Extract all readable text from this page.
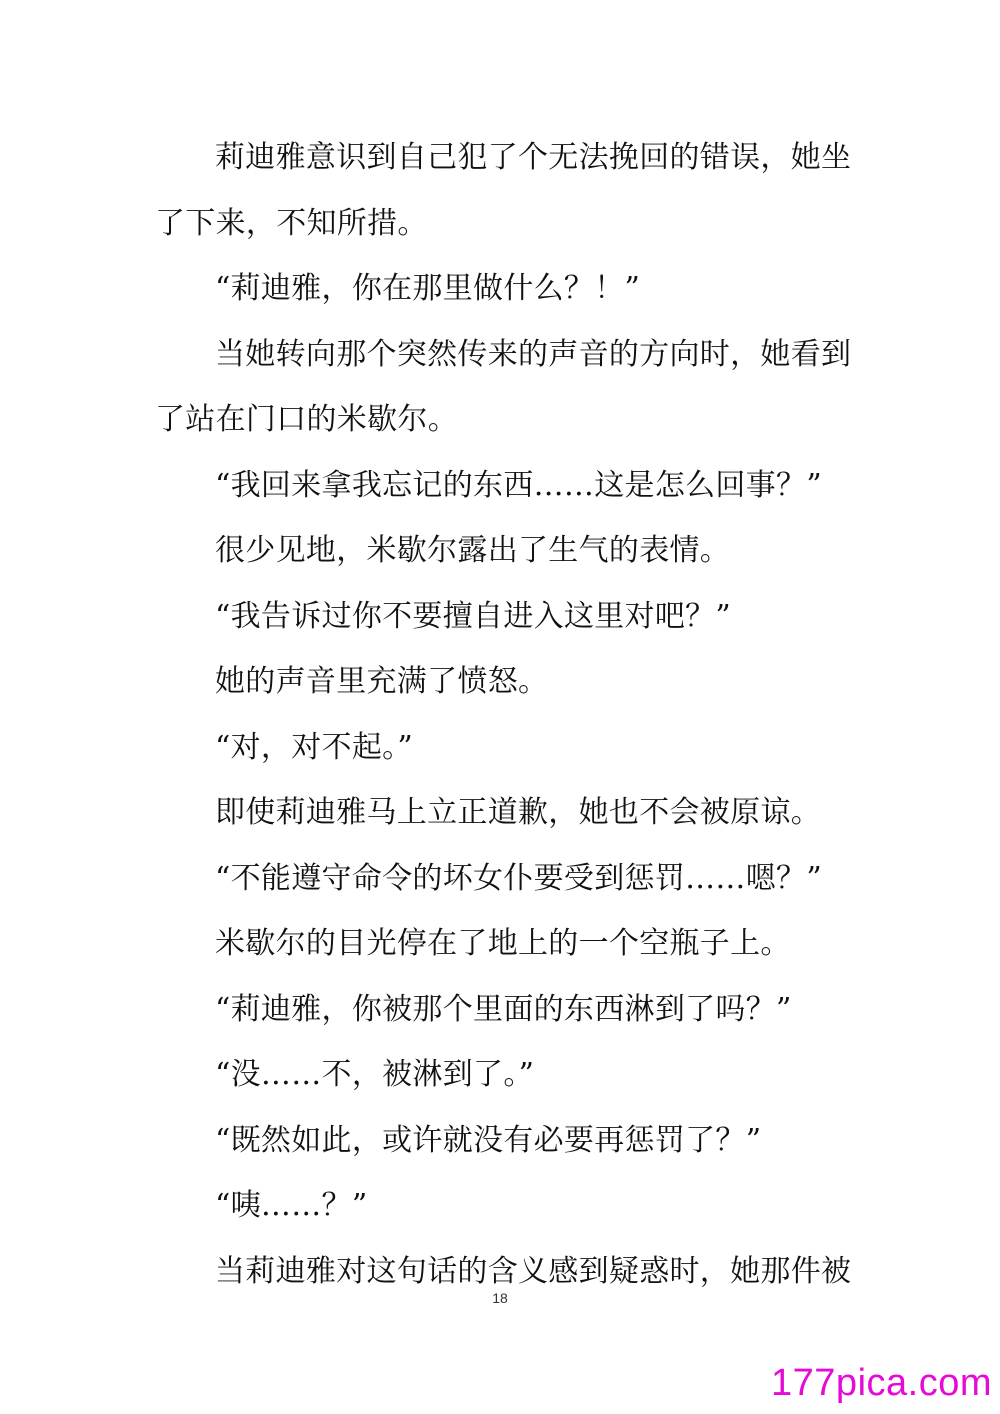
莉迪雅意识到自己犯了个无法挽回的错误，她坐了下来，不知所措。

“莉迪雅，你在那里做什么？！”

当她转向那个突然传来的声音的方向时，她看到了站在门口的米歇尔。

“我回来拿我忘记的东西……这是怎么回事？”

很少见地，米歇尔露出了生气的表情。

“我告诉过你不要擅自进入这里对吧？”

她的声音里充满了愤怒。

“对，对不起。”

即使莉迪雅马上立正道歉，她也不会被原谅。

“不能遵守命令的坏女仆要受到惩罚……嗯？”

米歇尔的目光停在了地上的一个空瓶子上。

“莉迪雅，你被那个里面的东西淋到了吗？”

“没……不，被淋到了。”

“既然如此，或许就没有必要再惩罚了？”

“咦……？”

当莉迪雅对这句话的含义感到疑惑时，她那件被

18
177pica.com
